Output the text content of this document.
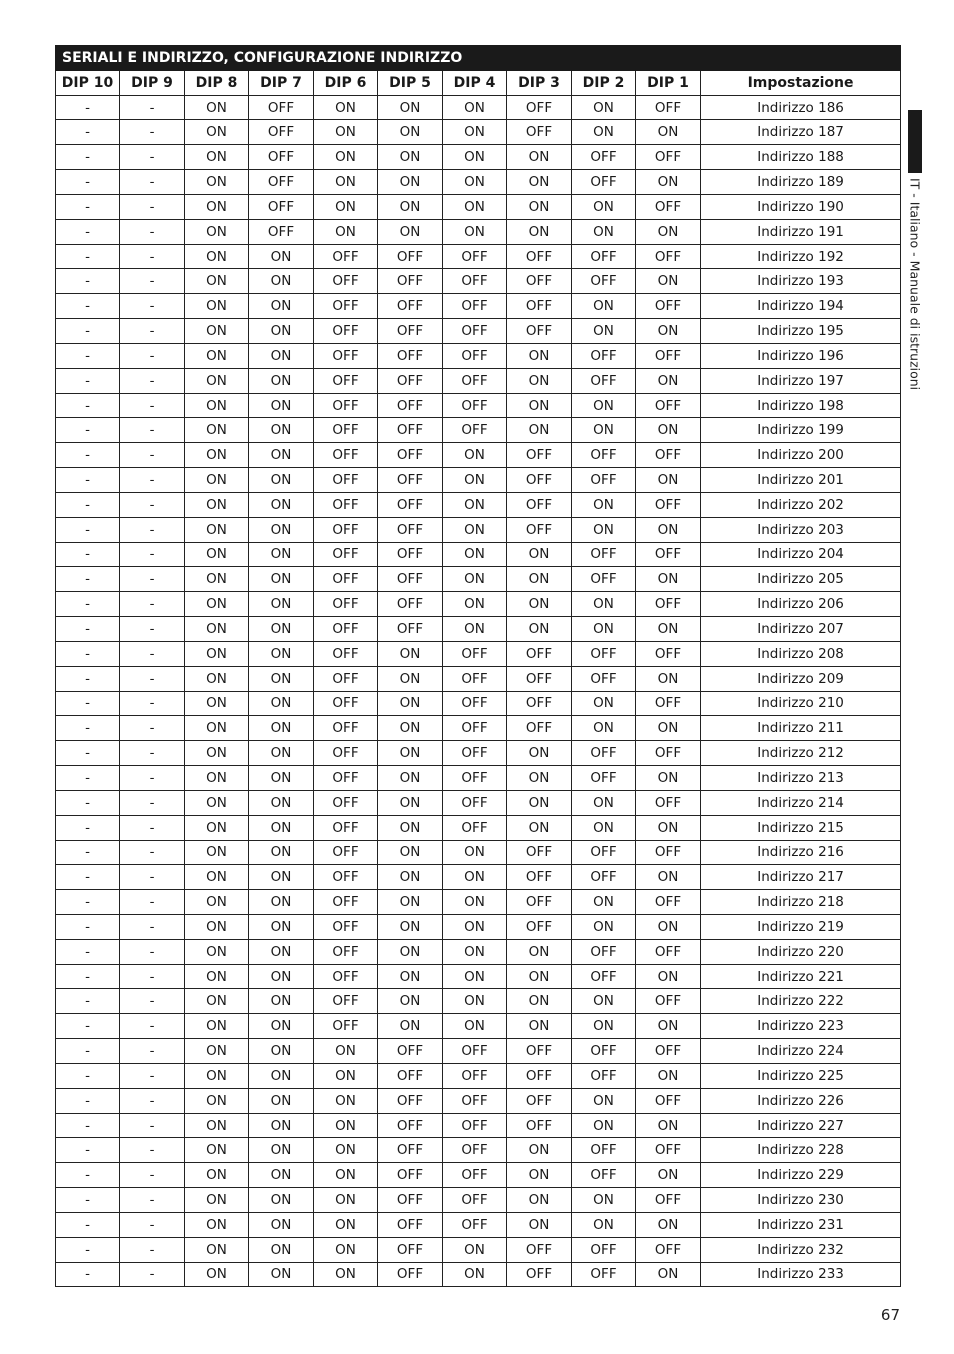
SERIALI E INDIRIZZO, CONFIGURAZIONE INDIRIZZO										
DIP 10	DIP 9	DIP 8	DIP 7	DIP 6	DIP 5	DIP 4	DIP 3	DIP 2	DIP 1	Impostazione
-	-	ON	OFF	ON	ON	ON	OFF	ON	OFF	Indirizzo 186
-	-	ON	OFF	ON	ON	ON	OFF	ON	ON	Indirizzo 187
-	-	ON	OFF	ON	ON	ON	ON	OFF	OFF	Indirizzo 188
-	-	ON	OFF	ON	ON	ON	ON	OFF	ON	Indirizzo 189
-	-	ON	OFF	ON	ON	ON	ON	ON	OFF	Indirizzo 190
-	-	ON	OFF	ON	ON	ON	ON	ON	ON	Indirizzo 191
-	-	ON	ON	OFF	OFF	OFF	OFF	OFF	OFF	Indirizzo 192
-	-	ON	ON	OFF	OFF	OFF	OFF	OFF	ON	Indirizzo 193
-	-	ON	ON	OFF	OFF	OFF	OFF	ON	OFF	Indirizzo 194
-	-	ON	ON	OFF	OFF	OFF	OFF	ON	ON	Indirizzo 195
-	-	ON	ON	OFF	OFF	OFF	ON	OFF	OFF	Indirizzo 196
-	-	ON	ON	OFF	OFF	OFF	ON	OFF	ON	Indirizzo 197
-	-	ON	ON	OFF	OFF	OFF	ON	ON	OFF	Indirizzo 198
-	-	ON	ON	OFF	OFF	OFF	ON	ON	ON	Indirizzo 199
-	-	ON	ON	OFF	OFF	ON	OFF	OFF	OFF	Indirizzo 200
-	-	ON	ON	OFF	OFF	ON	OFF	OFF	ON	Indirizzo 201
-	-	ON	ON	OFF	OFF	ON	OFF	ON	OFF	Indirizzo 202
-	-	ON	ON	OFF	OFF	ON	OFF	ON	ON	Indirizzo 203
-	-	ON	ON	OFF	OFF	ON	ON	OFF	OFF	Indirizzo 204
-	-	ON	ON	OFF	OFF	ON	ON	OFF	ON	Indirizzo 205
-	-	ON	ON	OFF	OFF	ON	ON	ON	OFF	Indirizzo 206
-	-	ON	ON	OFF	OFF	ON	ON	ON	ON	Indirizzo 207
-	-	ON	ON	OFF	ON	OFF	OFF	OFF	OFF	Indirizzo 208
-	-	ON	ON	OFF	ON	OFF	OFF	OFF	ON	Indirizzo 209
-	-	ON	ON	OFF	ON	OFF	OFF	ON	OFF	Indirizzo 210
-	-	ON	ON	OFF	ON	OFF	OFF	ON	ON	Indirizzo 211
-	-	ON	ON	OFF	ON	OFF	ON	OFF	OFF	Indirizzo 212
-	-	ON	ON	OFF	ON	OFF	ON	OFF	ON	Indirizzo 213
-	-	ON	ON	OFF	ON	OFF	ON	ON	OFF	Indirizzo 214
-	-	ON	ON	OFF	ON	OFF	ON	ON	ON	Indirizzo 215
-	-	ON	ON	OFF	ON	ON	OFF	OFF	OFF	Indirizzo 216
-	-	ON	ON	OFF	ON	ON	OFF	OFF	ON	Indirizzo 217
-	-	ON	ON	OFF	ON	ON	OFF	ON	OFF	Indirizzo 218
-	-	ON	ON	OFF	ON	ON	OFF	ON	ON	Indirizzo 219
-	-	ON	ON	OFF	ON	ON	ON	OFF	OFF	Indirizzo 220
-	-	ON	ON	OFF	ON	ON	ON	OFF	ON	Indirizzo 221
-	-	ON	ON	OFF	ON	ON	ON	ON	OFF	Indirizzo 222
-	-	ON	ON	OFF	ON	ON	ON	ON	ON	Indirizzo 223
-	-	ON	ON	ON	OFF	OFF	OFF	OFF	OFF	Indirizzo 224
-	-	ON	ON	ON	OFF	OFF	OFF	OFF	ON	Indirizzo 225
-	-	ON	ON	ON	OFF	OFF	OFF	ON	OFF	Indirizzo 226
-	-	ON	ON	ON	OFF	OFF	OFF	ON	ON	Indirizzo 227
-	-	ON	ON	ON	OFF	OFF	ON	OFF	OFF	Indirizzo 228
-	-	ON	ON	ON	OFF	OFF	ON	OFF	ON	Indirizzo 229
-	-	ON	ON	ON	OFF	OFF	ON	ON	OFF	Indirizzo 230
-	-	ON	ON	ON	OFF	OFF	ON	ON	ON	Indirizzo 231
-	-	ON	ON	ON	OFF	ON	OFF	OFF	OFF	Indirizzo 232
-	-	ON	ON	ON	OFF	ON	OFF	OFF	ON	Indirizzo 233
IT - Italiano - Manuale di istruzioni
67
